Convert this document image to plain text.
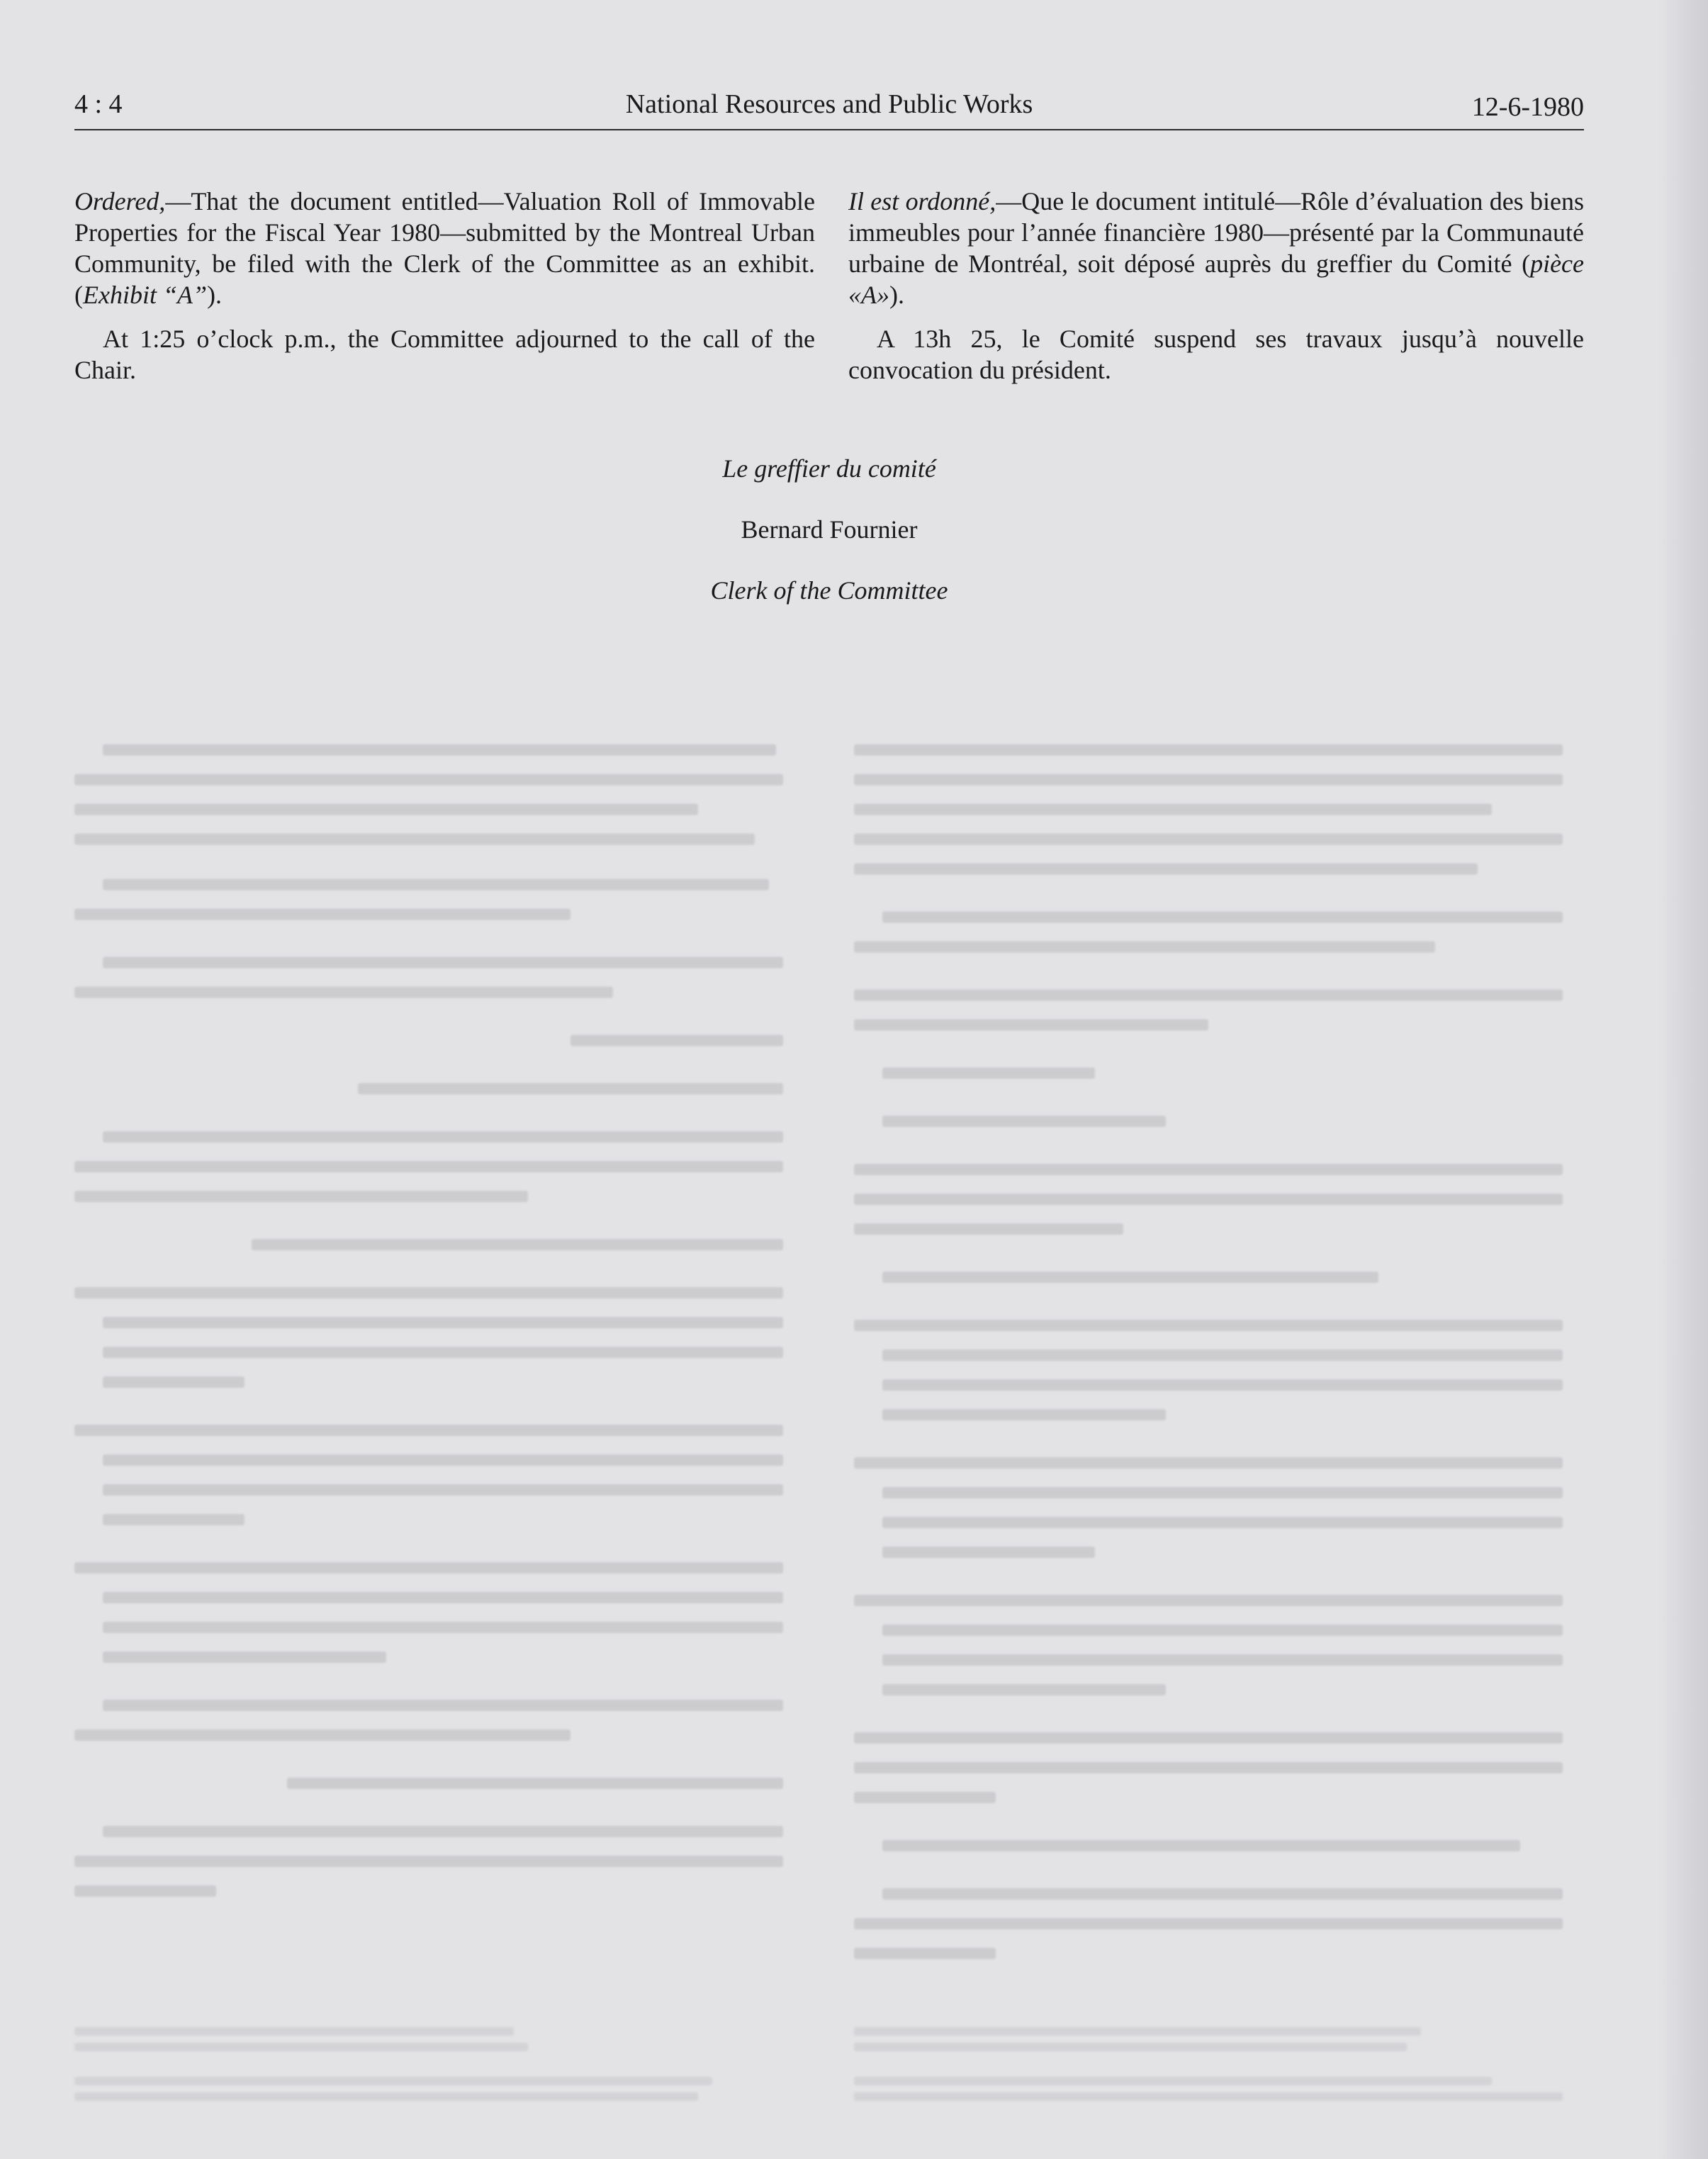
4 : 4	National Resources and Public Works	12-6-1980

Ordered,—That the document entitled—Valuation Roll of Immovable Properties for the Fiscal Year 1980—submitted by the Montreal Urban Community, be filed with the Clerk of the Committee as an exhibit. (Exhibit “A”).

At 1:25 o’clock p.m., the Committee adjourned to the call of the Chair.

Il est ordonné,—Que le document intitulé—Rôle d’évaluation des biens immeubles pour l’année financière 1980—présenté par la Communauté urbaine de Montréal, soit déposé auprès du greffier du Comité (pièce «A»).

A 13h 25, le Comité suspend ses travaux jusqu’à nouvelle convocation du président.

Le greffier du comité
Bernard Fournier
Clerk of the Committee
